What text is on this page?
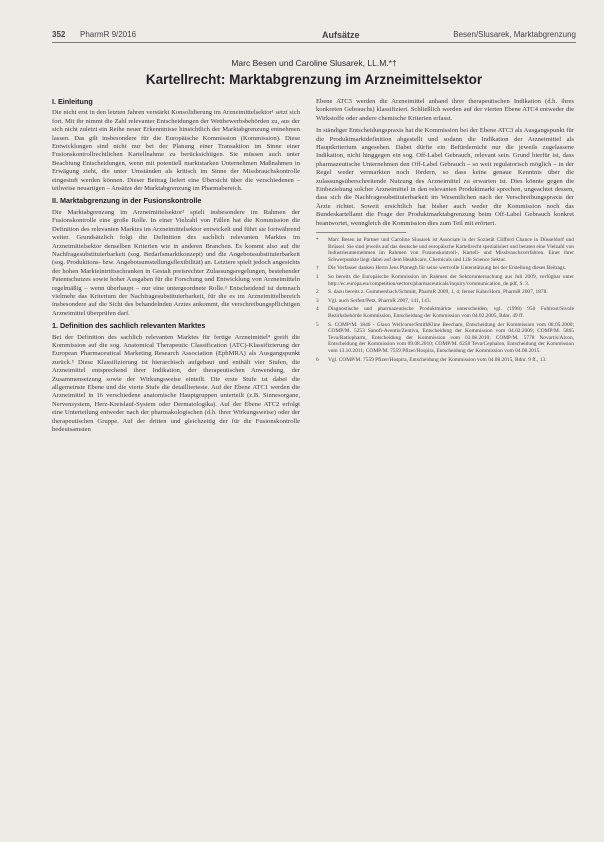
352 PharmR 9/2016	Aufsätze	Besen/Slusarek, Marktabgrenzung
Marc Besen und Caroline Slusarek, LL.M.*†
Kartellrecht: Marktabgrenzung im Arzneimittelsektor
I. Einleitung

Die nicht erst in den letzten Jahren verstärkt Konsolidierung im Arzneimittelsektor¹ setzt sich fort. Mit ihr nimmt die Zahl relevanter Entscheidungen der Wettbewerbsbehörden zu, aus der sich nicht zuletzt ein Reihe neuer Erkenntnisse hinsichtlich der Marktabgrenzung entnehmen lassen. Das gilt insbesondere für die Europäische Kommission (Kommission). Diese Entwicklungen sind nicht nur bei der Planung einer Transaktion im Sinne einer Fusionskontrollrechtlichen Kartellnahme zu berücksichtigen. Sie müssen auch unter Beachtung Entscheidungen, wenn mit potentiell marktstarken Unternehmen Maßnahmen in Erwägung zieht, die unter Umständen als kritisch im Sinne der Missbrauchskontrolle eingestuft werden können. Dieser Beitrag liefert eine Übersicht über die verschiedenen – teilweise neuartigen – Ansätze der Marktabgrenzung im Pharmabereich.

II. Marktabgrenzung in der Fusionskontrolle

Die Marktabgrenzung im Arzneimittelsektor² spielt insbesondere im Rahmen der Fusionskontrolle eine große Rolle. In einer Vielzahl von Fällen hat die Kommission die Definition des relevanten Marktes im Arzneimittelsektor entwickelt und führt sie fortwährend weiter. Grundsätzlich folgt die Definition des sachlich relevanten Marktes im Arzneimittelsektor denselben Kriterien wie in anderen Branchen. Es kommt also auf die Nachfragesubstituierbarkeit (sog. Bedarfsmarktkonzept) und die Angebotssubstituierbarkeit (sog. Produktions- bzw. Angebotsumstellungsflexibilität) an. Letztere spielt jedoch angesichts der hohen Markteintrittsschranken in Gestalt preisrechter Zulassungsregelungen, bestehender Patentschutzes sowie hoher Ausgaben für die Forschung und Entwicklung von Arzneimitteln regelmäßig – wenn überhaupt – nur eine untergeordnete Rolle.³ Entscheidend ist demnach vielmehr das Kriterium der Nachfragesubstituierbarkeit, für die es im Arzneimittelbereich insbesondere auf die Sicht des behandelnden Arztes ankommt, die verschreibungspflichtigen Arzneimittel überprüfen darf.

1. Definition des sachlich relevanten Marktes

Bei der Definition des sachlich relevanten Marktes für fertige Arzneimittel⁴ greift die Kommission auf die sog. Anatomical Therapeutic Classification (ATC)-Klassifizierung der European Pharmaceutical Marketing Research Association (EphMRA) als Ausgangspunkt zurück.⁵ Diese Klassifizierung ist hierarchisch aufgebaut und enthält vier Stufen, die Arzneimittel entsprechend ihrer Indikation, der therapeutischen Anwendung, der Zusammensetzung sowie der Wirkungsweise einteilt. Die erste Stufe ist dabei die allgemeinste Ebene und die vierte Stufe die detaillierteste. Auf der Ebene ATC1 werden die Arzneimittel in 16 verschiedene anatomische Hauptgruppen unterteilt (z.B. Sinnesorgane, Nervensystem, Herz-Kreislauf-System oder Dermatologika). Auf der Ebene ATC2 erfolgt eine Unterteilung entweder nach der pharmakologischen (d.h. ihrer Wirkungsweise) oder der therapeutischen Gruppe. Auf der dritten und gleichzeitig der für die Fusionskontrolle bedeutsamsten

Ebene ATC3 werden die Arzneimittel anhand ihrer therapeutischen Indikation (d.h. ihres konkreten Gebrauchs) klassifiziert. Schließlich werden auf der vierten Ebene ATC4 entweder die Wirkstoffe oder andere chemische Kriterien erfasst.

In ständiger Entscheidungspraxis hat die Kommission bei der Ebene ATC3 als Ausgangspunkt für die Produktmarktdefinition abgestellt und sodann die Indikation der Arzneimittel als Hauptkriterium angesehen. Dabei dürfte ein Befürdernicht nur die jeweils zugelassene Indikation, nicht hinggegen ein sog. Off-Label Gebrauch, relevant sein. Grund hierfür ist, dass pharmazeutische Unternehmen den Off-Label Gebrauch – so weit regulatorisch möglich – in der Regel weder vermarkten noch fördern, so dass keine genaue Kenntnis über die zulassungsüberschreitende Nutzung des Arzneimittel zu erwarten ist. Dies könnte gegen die Einbeziehung solcher Arzneimittel in den relevanten Produktmarkt sprechen, ungeachtet dessen, dass sich die Nachfragesubstituierbarkeit im Wesentlichen nach der Verschreibungspraxis der Ärzte richtet. Soweit ersichtlich hat bisher auch weder die Kommission noch das Bundeskartellamt die Frage der Produktmarktabgrenzung beim Off-Label Gebrauch konkret beantwortet, wenngleich die Kommission dies zum Teil mit erörtert.

*	Marc Besen ist Partner und Caroline Slusarek ist Associate in der Sozietät Clifford Chance in Düsseldorf und Brüssel. Sie sind jeweils auf das deutsche und europäische Kartellrecht spezialisiert und beraten eine Vielzahl von Industrieunternehmen im Rahmen von Fusionskontroll-, Kartell- und Missbrauchsverfahren. Einer ihrer Schwerpunkte liegt dabei auf dem Healthcare, Chemicals und Life Science Sektor.
†	Die Verfasser danken Herrn Jens Pinnegh für seine wertvolle Unterstützung bei der Erstellung dieses Beitrags.
1	So bereits die Europäische Kommission im Rahmen der Sektoruntersuchung aus Juli 2009, verfügbar unter http://ec.europa.eu/competition/sectors/pharmaceuticals/inquiry/communication_de.pdf, S. 3.
2	S. dazu bereits z. Gummersbach/Schmitt, PharmR 2009, 1, 4; ferner Kahn/Horn, PharmR 2007, 1878.
3	Vgl. auch Seifert/Petz, PharmR 2007, 141, 143.
4	Diagnostische und pharmazeutische Produktmärkte unterscheiden, vgl. (1998) 950 Fuhlrost/Sivole Bezirksbehörde Kommission, Entscheidung der Kommission vom 04.02.2005, Rdnr. 49 ff.
5	S. COMP/M. 1846 - Glaxo Wellcome/SmithKline Beecham, Entscheidung der Kommission vom 08.05.2000; COMP/M. 5253 Sanofi-Aventis/Zentiva, Entscheidung der Kommission vom 04.02.2009; COMP/M. 5865 Teva/Ratiopharm, Entscheidung der Kommission vom 03.08.2010; COMP/M. 5778 Novartis/Alcon, Entscheidung der Kommission vom 09.08.2010; COMP/M. 6258 Teva/Cephalon, Entscheidung der Kommission vom 13.10.2011; COMP/M. 7559 Pfizer/Hospira, Entscheidung der Kommission vom 04.08.2015.
6	Vgl. COMP/M. 7559 Pfizer/Hospira, Entscheidung der Kommission vom 04.08.2015, Rdnr. 9 ff., 13.
